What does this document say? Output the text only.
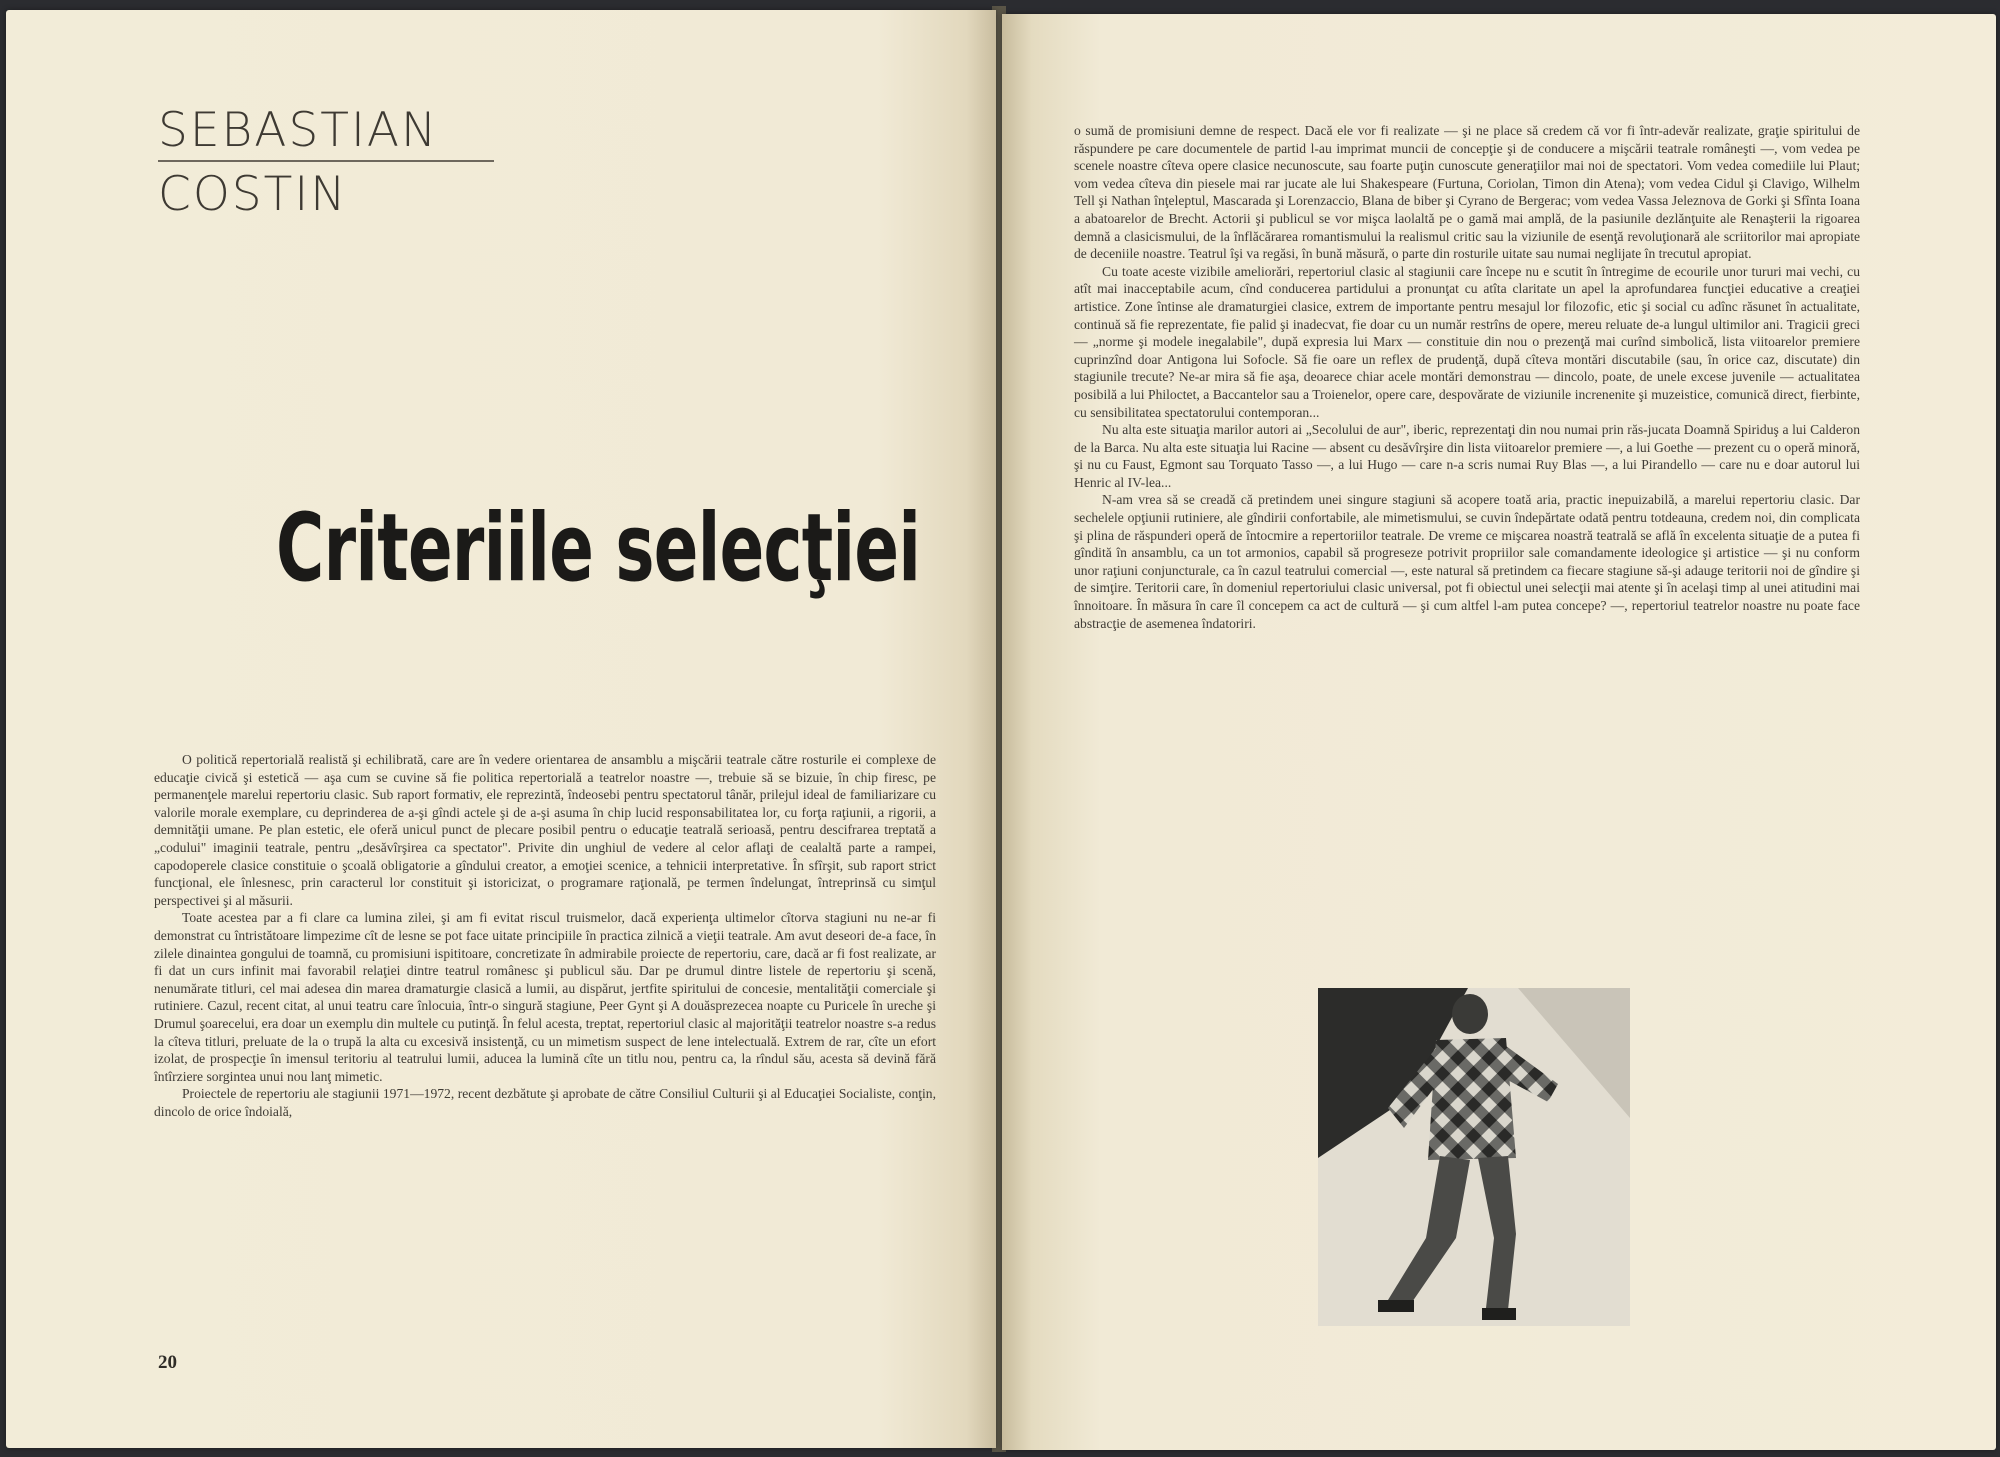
SEBASTIAN
COSTIN
Criteriile selecţiei

O politică repertorială realistă şi echilibrată, care are în vedere orientarea de ansamblu a mişcării teatrale către rosturile ei complexe de educaţie civică şi estetică — aşa cum se cuvine să fie politica repertorială a teatrelor noastre —, trebuie să se bizuie, în chip firesc, pe permanenţele marelui repertoriu clasic. Sub raport formativ, ele reprezintă, îndeosebi pentru spectatorul tânăr, prilejul ideal de familiarizare cu valorile morale exemplare, cu deprinderea de a-şi gîndi actele şi de a-şi asuma în chip lucid responsabilitatea lor, cu forţa raţiunii, a rigorii, a demnităţii umane. Pe plan estetic, ele oferă unicul punct de plecare posibil pentru o educaţie teatrală serioasă, pentru descifrarea treptată a „codului" imaginii teatrale, pentru „desăvîrşirea ca spectator". Privite din unghiul de vedere al celor aflaţi de cealaltă parte a rampei, capodoperele clasice constituie o şcoală obligatorie a gîndului creator, a emoţiei scenice, a tehnicii interpretative. În sfîrşit, sub raport strict funcţional, ele înlesnesc, prin caracterul lor constituit şi istoricizat, o programare raţională, pe termen îndelungat, întreprinsă cu simţul perspectivei şi al măsurii.

Toate acestea par a fi clare ca lumina zilei, şi am fi evitat riscul truismelor, dacă experienţa ultimelor cîtorva stagiuni nu ne-ar fi demonstrat cu întristătoare limpezime cît de lesne se pot face uitate principiile în practica zilnică a vieţii teatrale. Am avut deseori de-a face, în zilele dinaintea gongului de toamnă, cu promisiuni ispititoare, concretizate în admirabile proiecte de repertoriu, care, dacă ar fi fost realizate, ar fi dat un curs infinit mai favorabil relaţiei dintre teatrul românesc şi publicul său. Dar pe drumul dintre listele de repertoriu şi scenă, nenumărate titluri, cel mai adesea din marea dramaturgie clasică a lumii, au dispărut, jertfite spiritului de concesie, mentalităţii comerciale şi rutiniere. Cazul, recent citat, al unui teatru care înlocuia, într-o singură stagiune, Peer Gynt şi A douăsprezecea noapte cu Puricele în ureche şi Drumul şoarecelui, era doar un exemplu din multele cu putinţă. În felul acesta, treptat, repertoriul clasic al majorităţii teatrelor noastre s-a redus la cîteva titluri, preluate de la o trupă la alta cu excesivă insistenţă, cu un mimetism suspect de lene intelectuală. Extrem de rar, cîte un efort izolat, de prospecţie în imensul teritoriu al teatrului lumii, aducea la lumină cîte un titlu nou, pentru ca, la rîndul său, acesta să devină fără întîrziere sorgintea unui nou lanţ mimetic.

Proiectele de repertoriu ale stagiunii 1971—1972, recent dezbătute şi aprobate de către Consiliul Culturii şi al Educaţiei Socialiste, conţin, dincolo de orice îndoială,

20

o sumă de promisiuni demne de respect. Dacă ele vor fi realizate — şi ne place să credem că vor fi într-adevăr realizate, graţie spiritului de răspundere pe care documentele de partid l-au imprimat muncii de concepţie şi de conducere a mişcării teatrale româneşti —, vom vedea pe scenele noastre cîteva opere clasice necunoscute, sau foarte puţin cunoscute generaţiilor mai noi de spectatori. Vom vedea comediile lui Plaut; vom vedea cîteva din piesele mai rar jucate ale lui Shakespeare (Furtuna, Coriolan, Timon din Atena); vom vedea Cidul şi Clavigo, Wilhelm Tell şi Nathan înţeleptul, Mascarada şi Lorenzaccio, Blana de biber şi Cyrano de Bergerac; vom vedea Vassa Jeleznova de Gorki şi Sfînta Ioana a abatoarelor de Brecht. Actorii şi publicul se vor mişca laolaltă pe o gamă mai amplă, de la pasiunile dezlănţuite ale Renaşterii la rigoarea demnă a clasicismului, de la înflăcărarea romantismului la realismul critic sau la viziunile de esenţă revoluţionară ale scriitorilor mai apropiate de deceniile noastre. Teatrul îşi va regăsi, în bună măsură, o parte din rosturile uitate sau numai neglijate în trecutul apropiat.

Cu toate aceste vizibile ameliorări, repertoriul clasic al stagiunii care începe nu e scutit în întregime de ecourile unor tururi mai vechi, cu atît mai inacceptabile acum, cînd conducerea partidului a pronunţat cu atîta claritate un apel la aprofundarea funcţiei educative a creaţiei artistice. Zone întinse ale dramaturgiei clasice, extrem de importante pentru mesajul lor filozofic, etic şi social cu adînc răsunet în actualitate, continuă să fie reprezentate, fie palid şi inadecvat, fie doar cu un număr restrîns de opere, mereu reluate de-a lungul ultimilor ani. Tragicii greci — „norme şi modele inegalabile", după expresia lui Marx — constituie din nou o prezenţă mai curînd simbolică, lista viitoarelor premiere cuprinzînd doar Antigona lui Sofocle. Să fie oare un reflex de prudenţă, după cîteva montări discutabile (sau, în orice caz, discutate) din stagiunile trecute? Ne-ar mira să fie aşa, deoarece chiar acele montări demonstrau — dincolo, poate, de unele excese juvenile — actualitatea posibilă a lui Philoctet, a Baccantelor sau a Troienelor, opere care, despovărate de viziunile increnenite şi muzeistice, comunică direct, fierbinte, cu sensibilitatea spectatorului contemporan...

Nu alta este situaţia marilor autori ai „Secolului de aur", iberic, reprezentaţi din nou numai prin răs-jucata Doamnă Spiriduş a lui Calderon de la Barca. Nu alta este situaţia lui Racine — absent cu desăvîrşire din lista viitoarelor premiere —, a lui Goethe — prezent cu o operă minoră, şi nu cu Faust, Egmont sau Torquato Tasso —, a lui Hugo — care n-a scris numai Ruy Blas —, a lui Pirandello — care nu e doar autorul lui Henric al IV-lea...

N-am vrea să se creadă că pretindem unei singure stagiuni să acopere toată aria, practic inepuizabilă, a marelui repertoriu clasic. Dar sechelele opţiunii rutiniere, ale gîndirii confortabile, ale mimetismului, se cuvin îndepărtate odată pentru totdeauna, credem noi, din complicata şi plina de răspunderi operă de întocmire a repertoriilor teatrale. De vreme ce mişcarea noastră teatrală se află în excelenta situaţie de a putea fi gîndită în ansamblu, ca un tot armonios, capabil să progreseze potrivit propriilor sale comandamente ideologice şi artistice — şi nu conform unor raţiuni conjuncturale, ca în cazul teatrului comercial —, este natural să pretindem ca fiecare stagiune să-şi adauge teritorii noi de gîndire şi de simţire. Teritorii care, în domeniul repertoriului clasic universal, pot fi obiectul unei selecţii mai atente şi în acelaşi timp al unei atitudini mai înnoitoare. În măsura în care îl concepem ca act de cultură — şi cum altfel l-am putea concepe? —, repertoriul teatrelor noastre nu poate face abstracţie de asemenea îndatoriri.
